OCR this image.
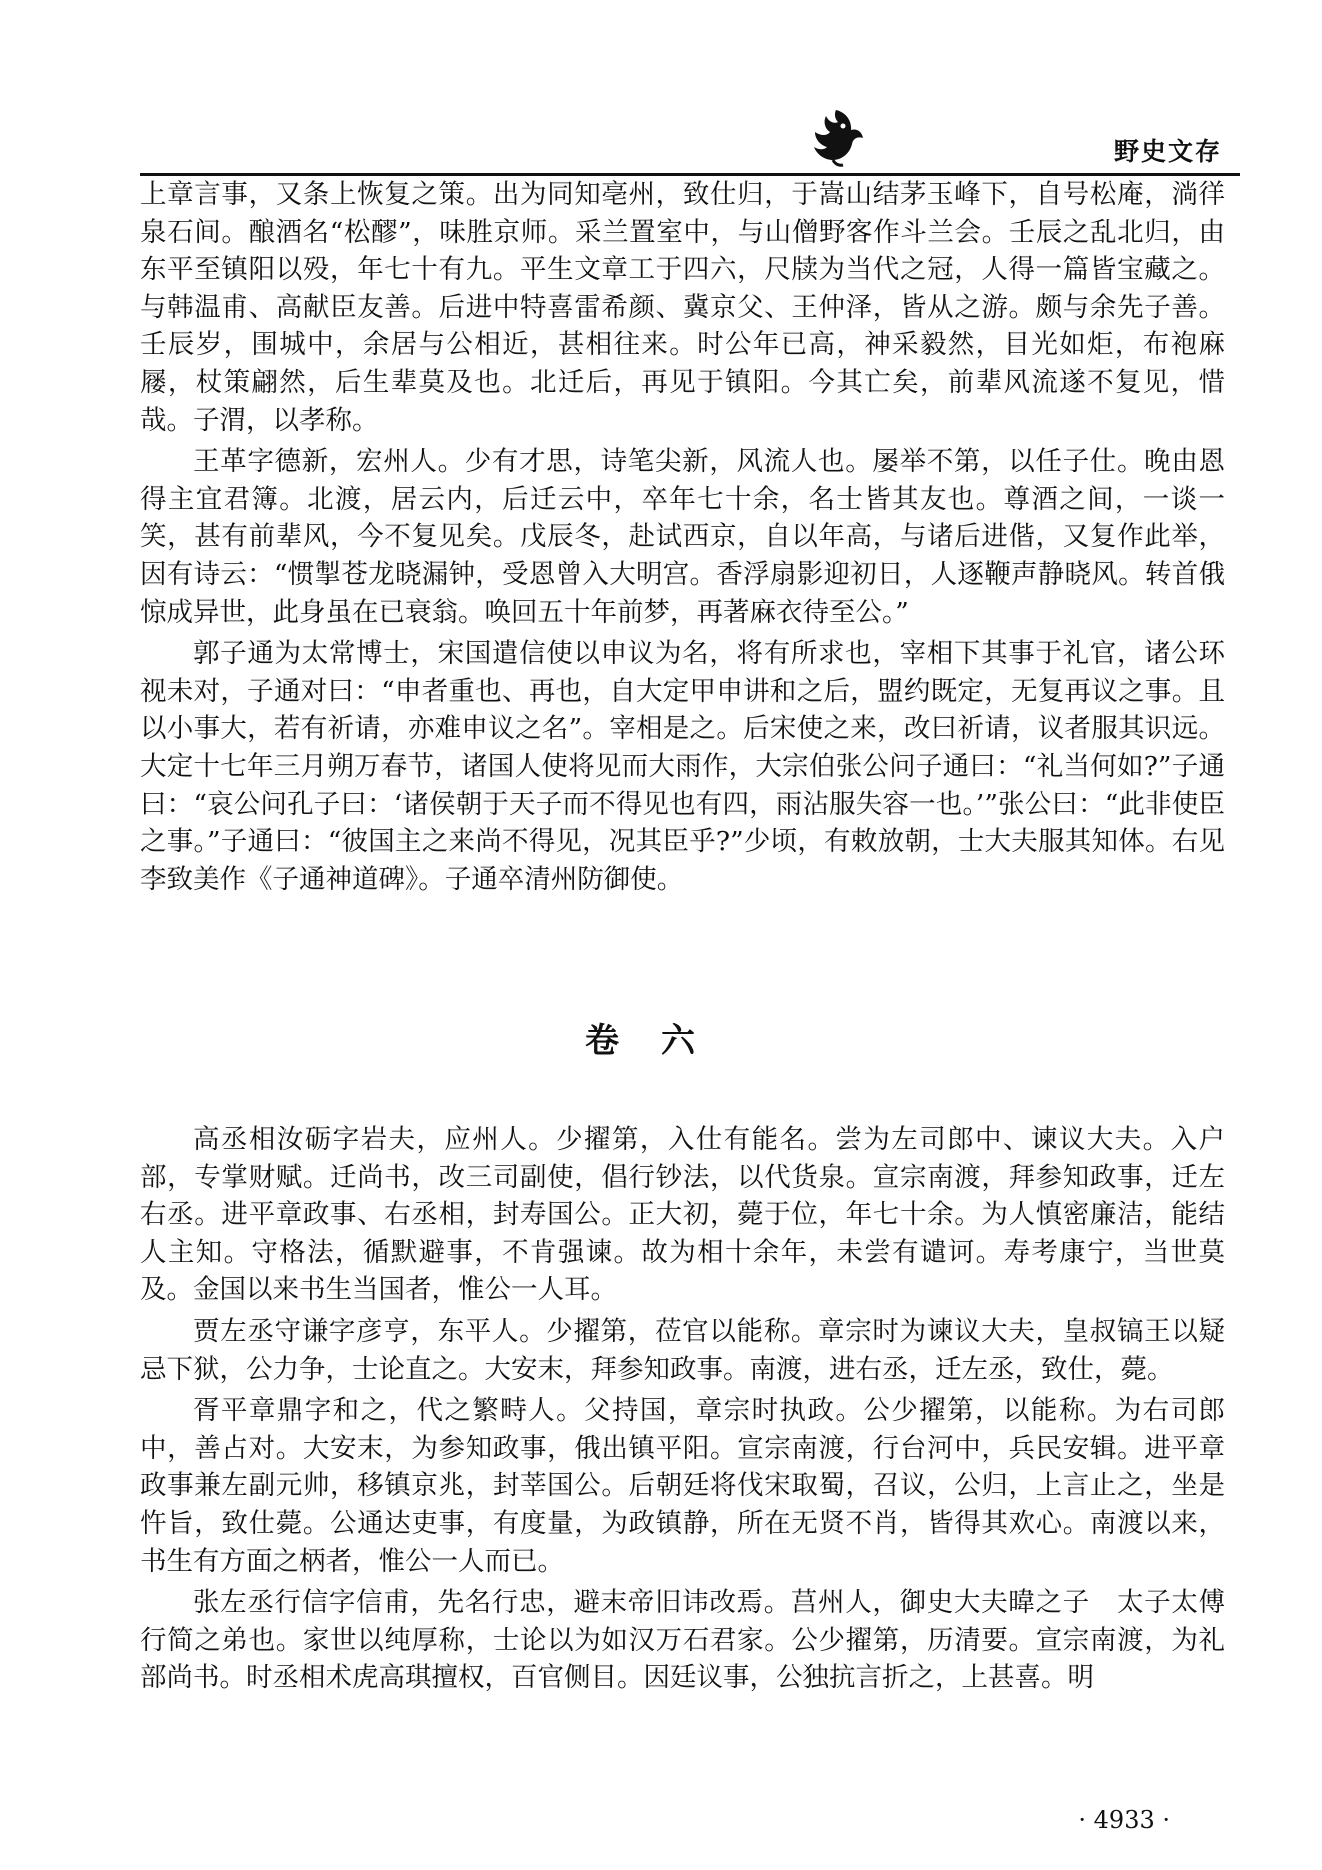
野史文存

上章言事，又条上恢复之策。出为同知亳州，致仕归，于嵩山结茅玉峰下，自号松庵，淌徉泉石间。酿酒名“松醪”，味胜京师。采兰置室中，与山僧野客作斗兰会。壬辰之乱北归，由东平至镇阳以殁，年七十有九。平生文章工于四六，尺牍为当代之冠，人得一篇皆宝藏之。与韩温甫、高献臣友善。后进中特喜雷希颜、冀京父、王仲泽，皆从之游。颇与余先子善。壬辰岁，围城中，余居与公相近，甚相往来。时公年已高，神采毅然，目光如炬，布袍麻屦，杖策翩然，后生辈莫及也。北迁后，再见于镇阳。今其亡矣，前辈风流遂不复见，惜哉。子渭，以孝称。

王革字德新，宏州人。少有才思，诗笔尖新，风流人也。屡举不第，以任子仕。晚由恩得主宜君簿。北渡，居云内，后迁云中，卒年七十余，名士皆其友也。尊酒之间，一谈一笑，甚有前辈风，今不复见矣。戊辰冬，赴试西京，自以年高，与诸后进偕，又复作此举，因有诗云：“惯掣苍龙晓漏钟，受恩曾入大明宫。香浮扇影迎初日，人逐鞭声静晓风。转首俄惊成异世，此身虽在已衰翁。唤回五十年前梦，再著麻衣待至公。”

郭子通为太常博士，宋国遣信使以申议为名，将有所求也，宰相下其事于礼官，诸公环视未对，子通对曰：“申者重也、再也，自大定甲申讲和之后，盟约既定，无复再议之事。且以小事大，若有祈请，亦难申议之名”。宰相是之。后宋使之来，改曰祈请，议者服其识远。大定十七年三月朔万春节，诸国人使将见而大雨作，大宗伯张公问子通曰：“礼当何如?”子通曰：“哀公问孔子曰：‘诸侯朝于天子而不得见也有四，雨沾服失容一也。’”张公曰：“此非使臣之事。”子通曰：“彼国主之来尚不得见，况其臣乎?”少顷，有敕放朝，士大夫服其知体。右见李致美作《子通神道碑》。子通卒清州防御使。

卷六

高丞相汝砺字岩夫，应州人。少擢第，入仕有能名。尝为左司郎中、谏议大夫。入户部，专掌财赋。迁尚书，改三司副使，倡行钞法，以代货泉。宣宗南渡，拜参知政事，迁左右丞。进平章政事、右丞相，封寿国公。正大初，薨于位，年七十余。为人慎密廉洁，能结人主知。守格法，循默避事，不肯强谏。故为相十余年，未尝有谴诃。寿考康宁，当世莫及。金国以来书生当国者，惟公一人耳。

贾左丞守谦字彦亨，东平人。少擢第，莅官以能称。章宗时为谏议大夫，皇叔镐王以疑忌下狱，公力争，士论直之。大安末，拜参知政事。南渡，进右丞，迁左丞，致仕，薨。

胥平章鼎字和之，代之繁畤人。父持国，章宗时执政。公少擢第，以能称。为右司郎中，善占对。大安末，为参知政事，俄出镇平阳。宣宗南渡，行台河中，兵民安辑。进平章政事兼左副元帅，移镇京兆，封莘国公。后朝廷将伐宋取蜀，召议，公归，上言止之，坐是忤旨，致仕薨。公通达吏事，有度量，为政镇静，所在无贤不肖，皆得其欢心。南渡以来，书生有方面之柄者，惟公一人而已。

张左丞行信字信甫，先名行忠，避末帝旧讳改焉。莒州人，御史大夫暐之子　太子太傅行简之弟也。家世以纯厚称，士论以为如汉万石君家。公少擢第，历清要。宣宗南渡，为礼部尚书。时丞相术虎高琪擅权，百官侧目。因廷议事，公独抗言折之，上甚喜。明

· 4933 ·
